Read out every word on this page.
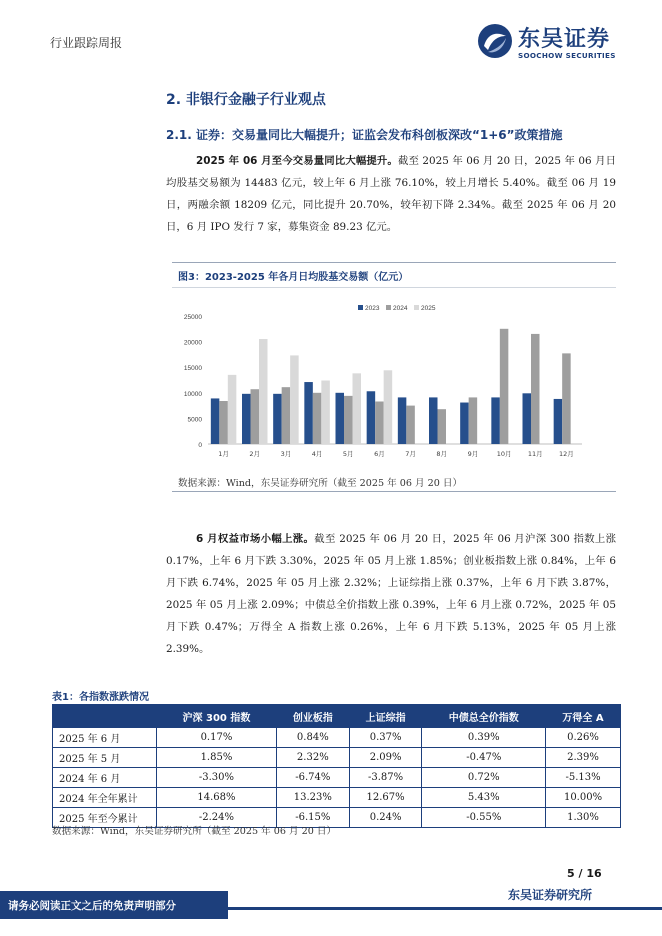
行业跟踪周报	东吴证券
SOOCHOW SECURITIES
2. 非银行金融子行业观点
2.1. 证券：交易量同比大幅提升；证监会发布科创板深改“1+6”政策措施
2025 年 06 月至今交易量同比大幅提升。截至 2025 年 06 月 20 日，2025 年 06 月日均股基交易额为 14483 亿元，较上年 6 月上涨 76.10%，较上月增长 5.40%。截至 06 月 19 日，两融余额 18209 亿元，同比提升 20.70%，较年初下降 2.34%。截至 2025 年 06 月 20 日，6 月 IPO 发行 7 家，募集资金 89.23 亿元。
图3：2023-2025 年各月日均股基交易额（亿元）
0
5000
10000
15000
20000
25000
1月	2月	3月	4月	5月	6月	7月	8月	9月	10月	11月	12月
2023 2024 2025
数据来源：Wind，东吴证券研究所（截至 2025 年 06 月 20 日）
6 月权益市场小幅上涨。截至 2025 年 06 月 20 日，2025 年 06 月沪深 300 指数上涨 0.17%，上年 6 月下跌 3.30%，2025 年 05 月上涨 1.85%；创业板指数上涨 0.84%，上年 6 月下跌 6.74%，2025 年 05 月上涨 2.32%；上证综指上涨 0.37%，上年 6 月下跌 3.87%，2025 年 05 月上涨 2.09%；中债总全价指数上涨 0.39%，上年 6 月上涨 0.72%，2025 年 05 月下跌 0.47%；万得全 A 指数上涨 0.26%，上年 6 月下跌 5.13%，2025 年 05 月上涨 2.39%。
表1：各指数涨跌情况
	沪深 300 指数	创业板指	上证综指	中债总全价指数	万得全 A
2025 年 6 月	0.17%	0.84%	0.37%	0.39%	0.26%
2025 年 5 月	1.85%	2.32%	2.09%	-0.47%	2.39%
2024 年 6 月	-3.30%	-6.74%	-3.87%	0.72%	-5.13%
2024 年全年累计	14.68%	13.23%	12.67%	5.43%	10.00%
2025 年至今累计	-2.24%	-6.15%	0.24%	-0.55%	1.30%
数据来源：Wind，东吴证券研究所（截至 2025 年 06 月 20 日）
5 / 16
请务必阅读正文之后的免责声明部分
东吴证券研究所
